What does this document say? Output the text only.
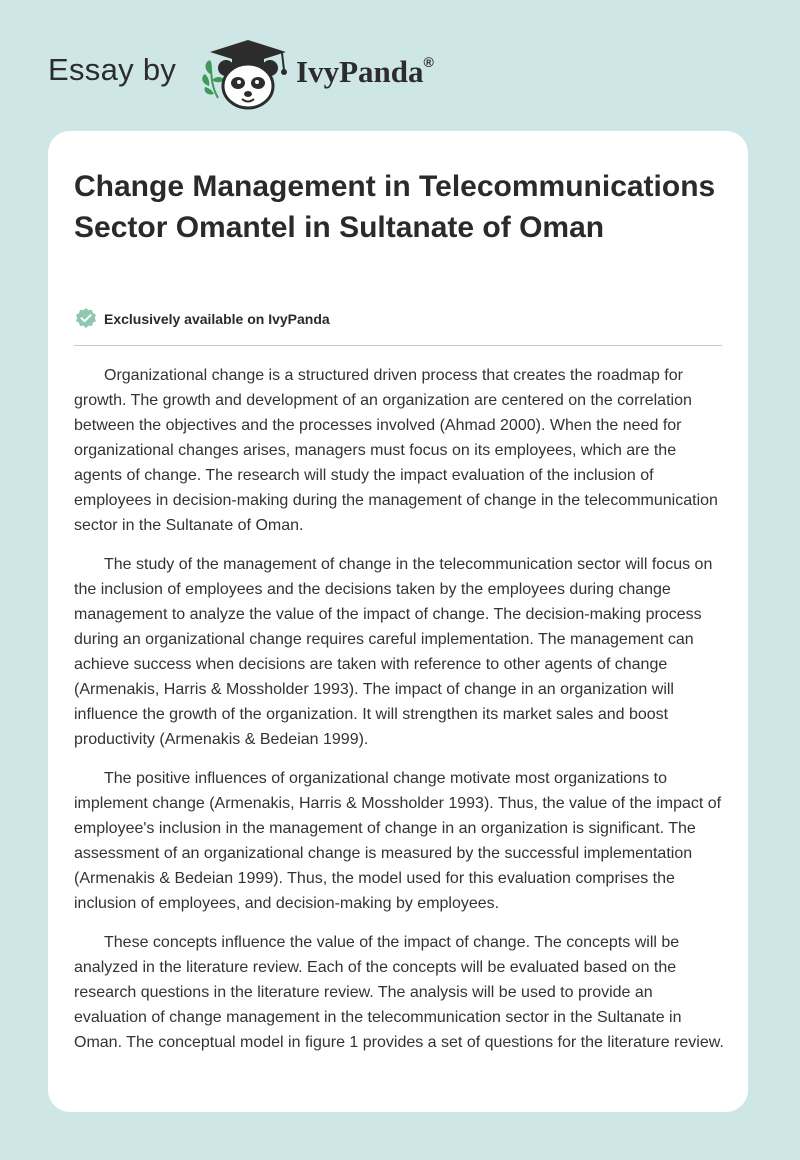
Essay by	IvyPanda®
Change Management in Telecommunications Sector Omantel in Sultanate of Oman
Exclusively available on IvyPanda

Organizational change is a structured driven process that creates the roadmap for growth. The growth and development of an organization are centered on the correlation between the objectives and the processes involved (Ahmad 2000). When the need for organizational changes arises, managers must focus on its employees, which are the agents of change. The research will study the impact evaluation of the inclusion of employees in decision-making during the management of change in the telecommunication sector in the Sultanate of Oman.

The study of the management of change in the telecommunication sector will focus on the inclusion of employees and the decisions taken by the employees during change management to analyze the value of the impact of change. The decision-making process during an organizational change requires careful implementation. The management can achieve success when decisions are taken with reference to other agents of change (Armenakis, Harris & Mossholder 1993). The impact of change in an organization will influence the growth of the organization. It will strengthen its market sales and boost productivity (Armenakis & Bedeian 1999).

The positive influences of organizational change motivate most organizations to implement change (Armenakis, Harris & Mossholder 1993). Thus, the value of the impact of employee's inclusion in the management of change in an organization is significant. The assessment of an organizational change is measured by the successful implementation (Armenakis & Bedeian 1999). Thus, the model used for this evaluation comprises the inclusion of employees, and decision-making by employees.

These concepts influence the value of the impact of change. The concepts will be analyzed in the literature review. Each of the concepts will be evaluated based on the research questions in the literature review. The analysis will be used to provide an evaluation of change management in the telecommunication sector in the Sultanate in Oman. The conceptual model in figure 1 provides a set of questions for the literature review.
